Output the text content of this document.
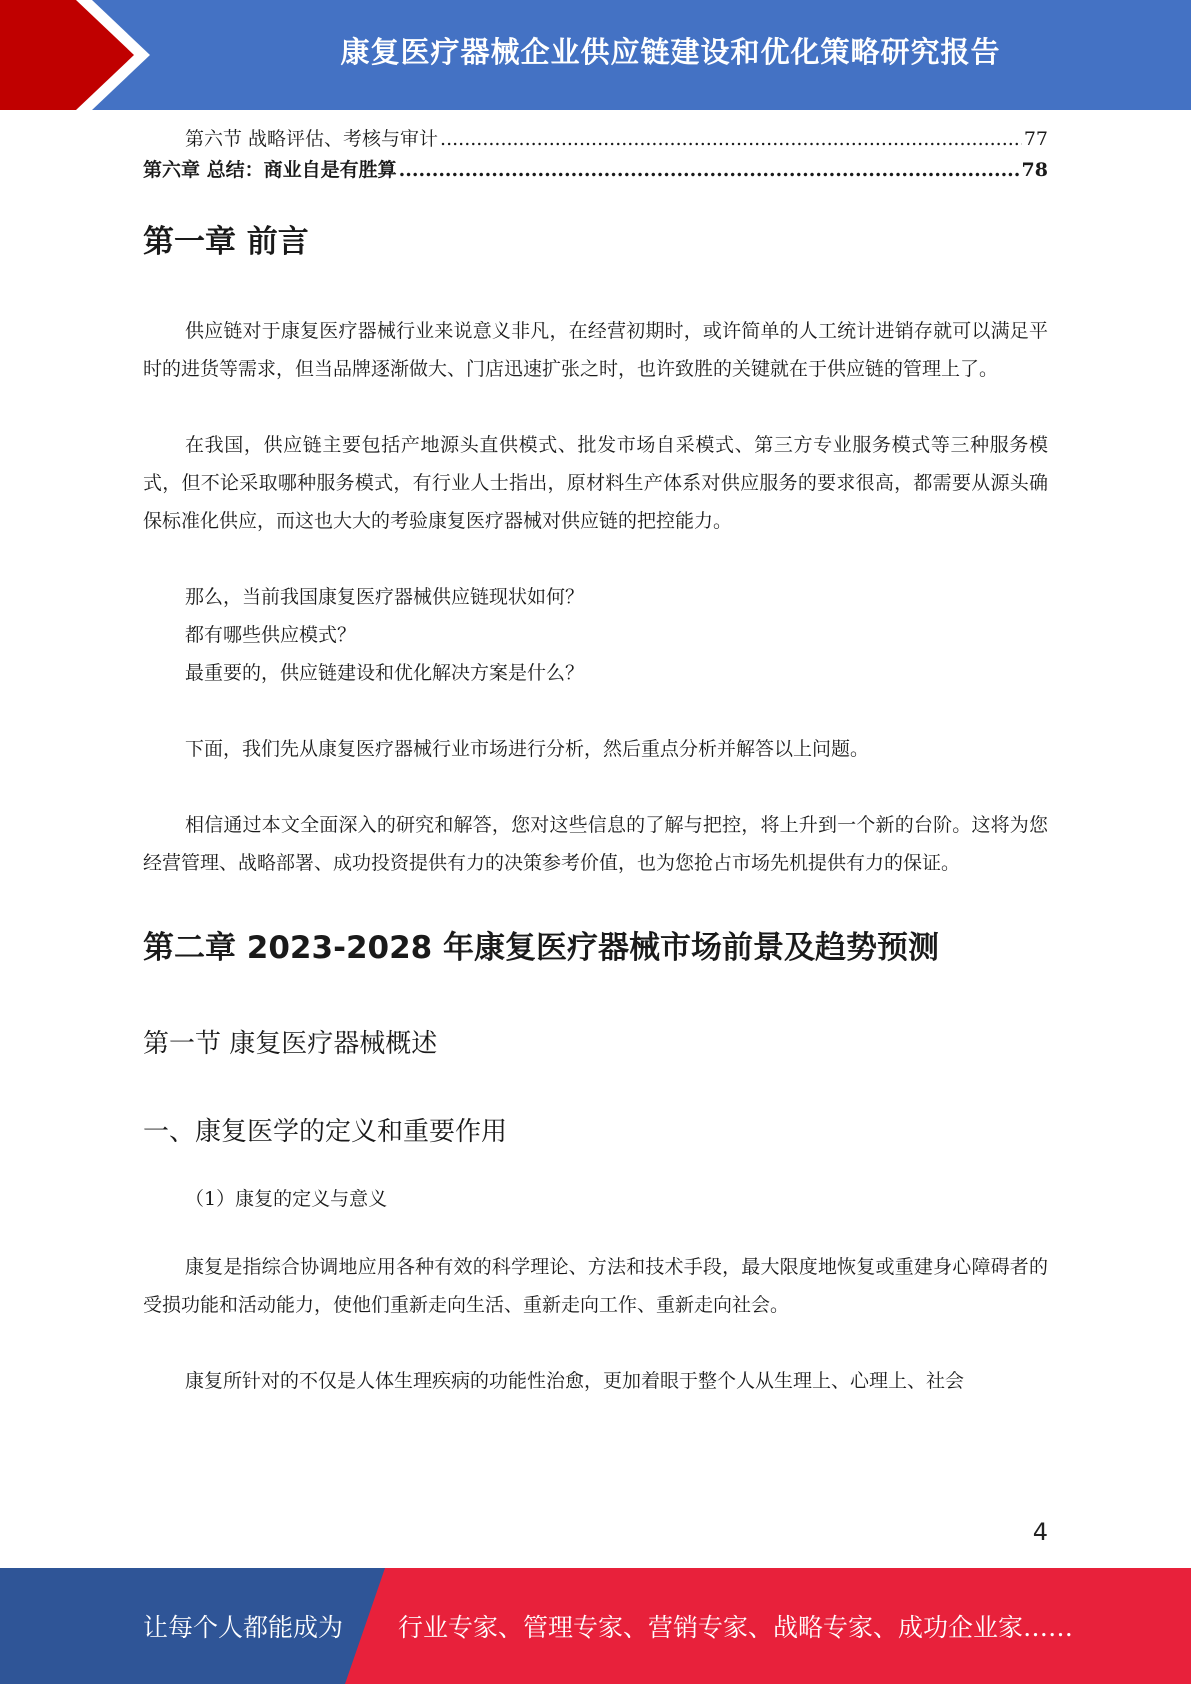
康复医疗器械企业供应链建设和优化策略研究报告
第六节 战略评估、考核与审计 .....	77
第六章 总结：商业自是有胜算 .....	78
第一章 前言

供应链对于康复医疗器械行业来说意义非凡，在经营初期时，或许简单的人工统计进销存就可以满足平时的进货等需求，但当品牌逐渐做大、门店迅速扩张之时，也许致胜的关键就在于供应链的管理上了。

在我国，供应链主要包括产地源头直供模式、批发市场自采模式、第三方专业服务模式等三种服务模式，但不论采取哪种服务模式，有行业人士指出，原材料生产体系对供应服务的要求很高，都需要从源头确保标准化供应，而这也大大的考验康复医疗器械对供应链的把控能力。

那么，当前我国康复医疗器械供应链现状如何？

都有哪些供应模式？

最重要的，供应链建设和优化解决方案是什么？

下面，我们先从康复医疗器械行业市场进行分析，然后重点分析并解答以上问题。

相信通过本文全面深入的研究和解答，您对这些信息的了解与把控，将上升到一个新的台阶。这将为您经营管理、战略部署、成功投资提供有力的决策参考价值，也为您抢占市场先机提供有力的保证。

第二章 2023-2028 年康复医疗器械市场前景及趋势预测
第一节 康复医疗器械概述
一、康复医学的定义和重要作用

（1）康复的定义与意义

康复是指综合协调地应用各种有效的科学理论、方法和技术手段，最大限度地恢复或重建身心障碍者的受损功能和活动能力，使他们重新走向生活、重新走向工作、重新走向社会。

康复所针对的不仅是人体生理疾病的功能性治愈，更加着眼于整个人从生理上、心理上、社会

4
让每个人都能成为 行业专家、管理专家、营销专家、战略专家、成功企业家……
